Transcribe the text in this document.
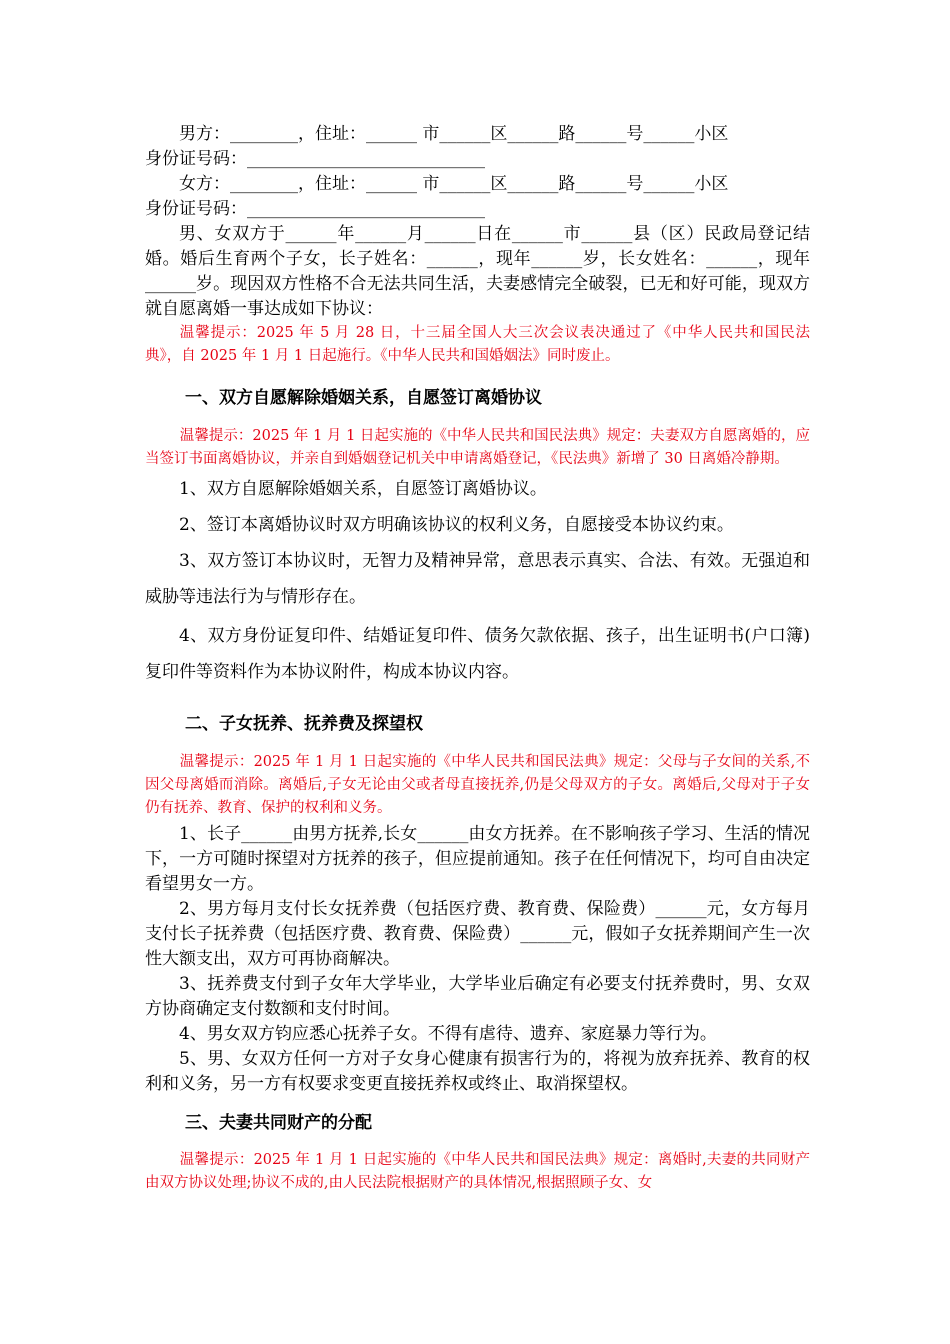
男方：________，住址：______ 市______区______路______号______小区

身份证号码：____________________________

女方：________，住址：______ 市______区______路______号______小区

身份证号码：____________________________

男、女双方于______年______月______日在______市______县（区）民政局登记结婚。婚后生育两个子女，长子姓名：______，现年______岁，长女姓名：______，现年______岁。现因双方性格不合无法共同生活，夫妻感情完全破裂，已无和好可能，现双方就自愿离婚一事达成如下协议：

温馨提示：2025 年 5 月 28 日，十三届全国人大三次会议表决通过了《中华人民共和国民法典》，自 2025 年 1 月 1 日起施行。《中华人民共和国婚姻法》同时废止。

一、双方自愿解除婚姻关系，自愿签订离婚协议

温馨提示：2025 年 1 月 1 日起实施的《中华人民共和国民法典》规定：夫妻双方自愿离婚的，应当签订书面离婚协议，并亲自到婚姻登记机关中申请离婚登记，《民法典》新增了 30 日离婚冷静期。

1、双方自愿解除婚姻关系，自愿签订离婚协议。

2、签订本离婚协议时双方明确该协议的权利义务，自愿接受本协议约束。

3、双方签订本协议时，无智力及精神异常，意思表示真实、合法、有效。无强迫和威胁等违法行为与情形存在。

4、双方身份证复印件、结婚证复印件、债务欠款依据、孩子，出生证明书(户口簿)复印件等资料作为本协议附件，构成本协议内容。

二、子女抚养、抚养费及探望权

温馨提示：2025 年 1 月 1 日起实施的《中华人民共和国民法典》规定：父母与子女间的关系,不因父母离婚而消除。离婚后,子女无论由父或者母直接抚养,仍是父母双方的子女。离婚后,父母对于子女仍有抚养、教育、保护的权利和义务。

1、长子______由男方抚养,长女______由女方抚养。在不影响孩子学习、生活的情况下，一方可随时探望对方抚养的孩子，但应提前通知。孩子在任何情况下，均可自由决定看望男女一方。

2、男方每月支付长女抚养费（包括医疗费、教育费、保险费）______元，女方每月支付长子抚养费（包括医疗费、教育费、保险费）______元，假如子女抚养期间产生一次性大额支出，双方可再协商解决。

3、抚养费支付到子女年大学毕业，大学毕业后确定有必要支付抚养费时，男、女双方协商确定支付数额和支付时间。

4、男女双方钧应悉心抚养子女。不得有虐待、遗弃、家庭暴力等行为。

5、男、女双方任何一方对子女身心健康有损害行为的，将视为放弃抚养、教育的权利和义务，另一方有权要求变更直接抚养权或终止、取消探望权。

三、夫妻共同财产的分配

温馨提示：2025 年 1 月 1 日起实施的《中华人民共和国民法典》规定：离婚时,夫妻的共同财产由双方协议处理;协议不成的,由人民法院根据财产的具体情况,根据照顾子女、女
